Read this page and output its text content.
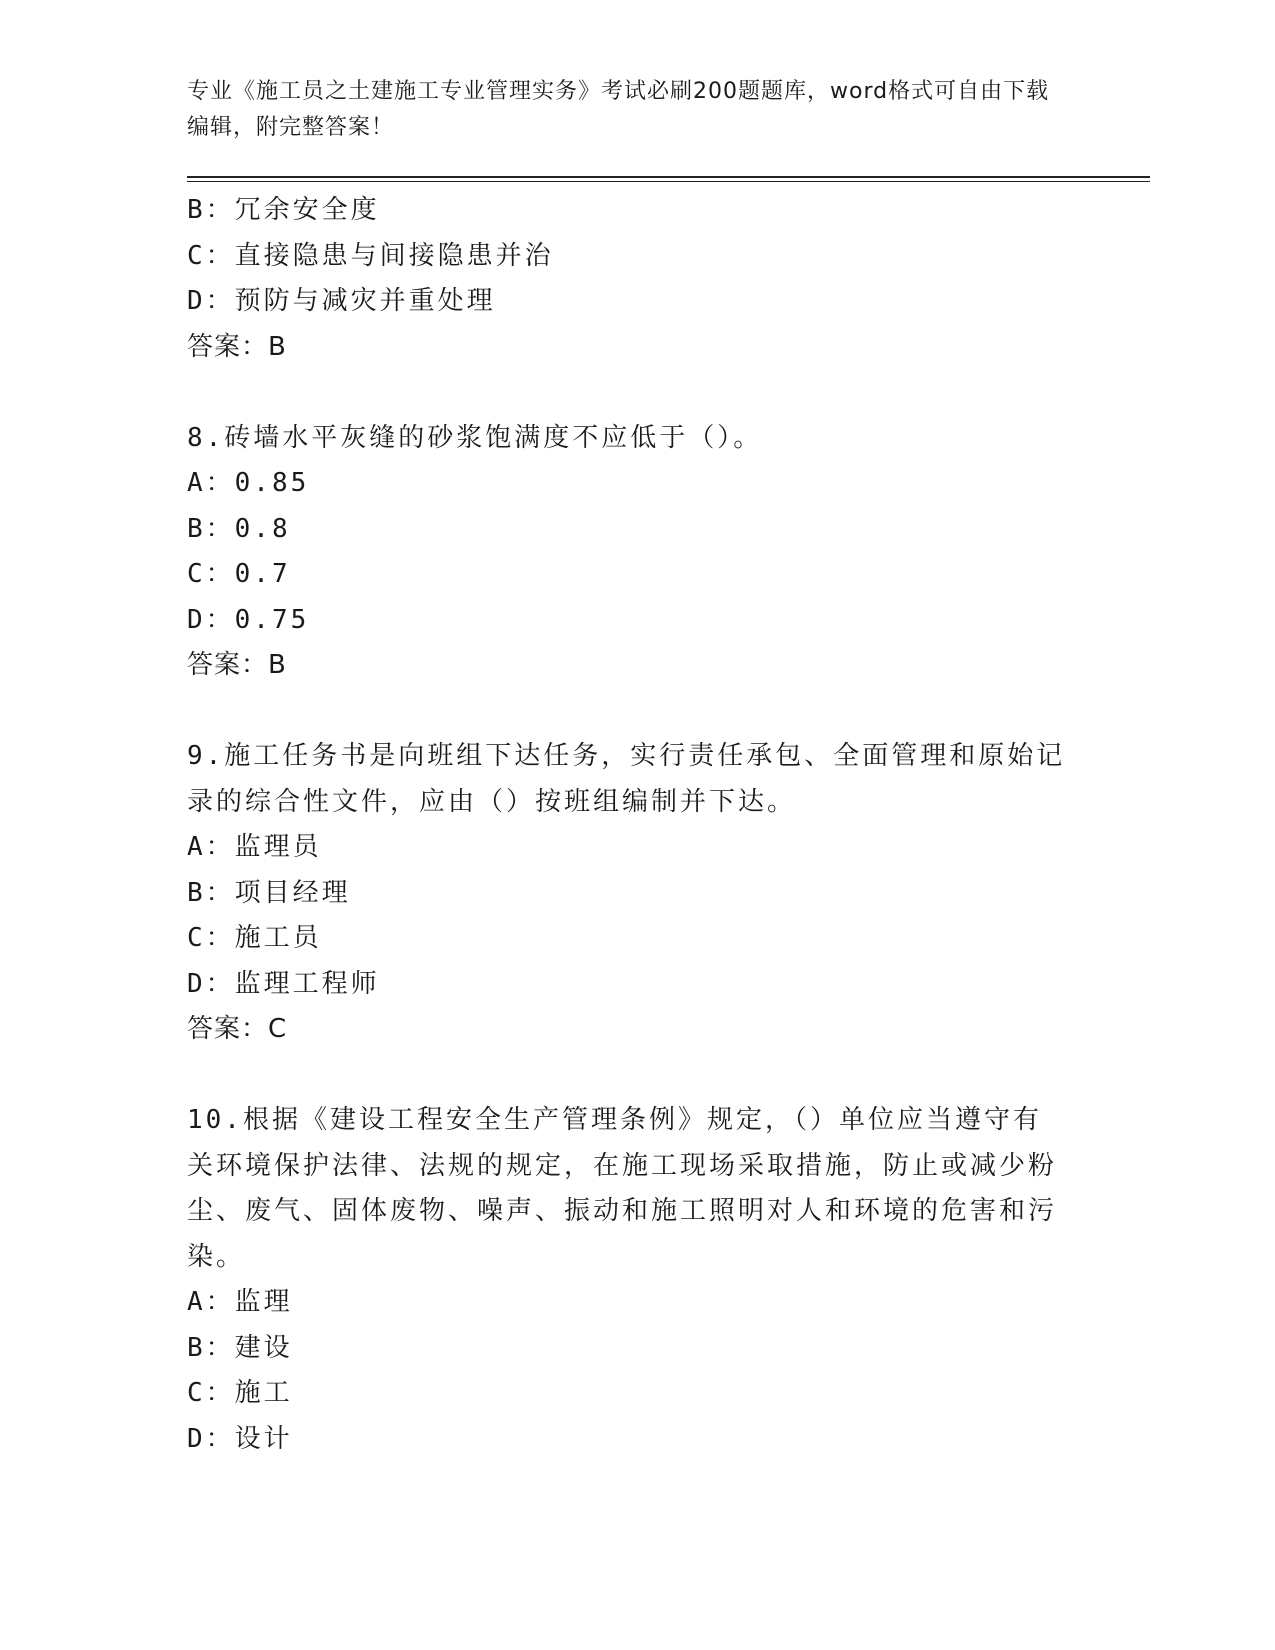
专业《施工员之土建施工专业管理实务》考试必刷200题题库，word格式可自由下载编辑，附完整答案！
B：冗余安全度
C：直接隐患与间接隐患并治
D：预防与减灾并重处理
答案：B
8.砖墙水平灰缝的砂浆饱满度不应低于（）。
A：0.85
B：0.8
C：0.7
D：0.75
答案：B
9.施工任务书是向班组下达任务，实行责任承包、全面管理和原始记录的综合性文件，应由（）按班组编制并下达。
A：监理员
B：项目经理
C：施工员
D：监理工程师
答案：C
10.根据《建设工程安全生产管理条例》规定，（）单位应当遵守有关环境保护法律、法规的规定，在施工现场采取措施，防止或减少粉尘、废气、固体废物、噪声、振动和施工照明对人和环境的危害和污染。
A：监理
B：建设
C：施工
D：设计
